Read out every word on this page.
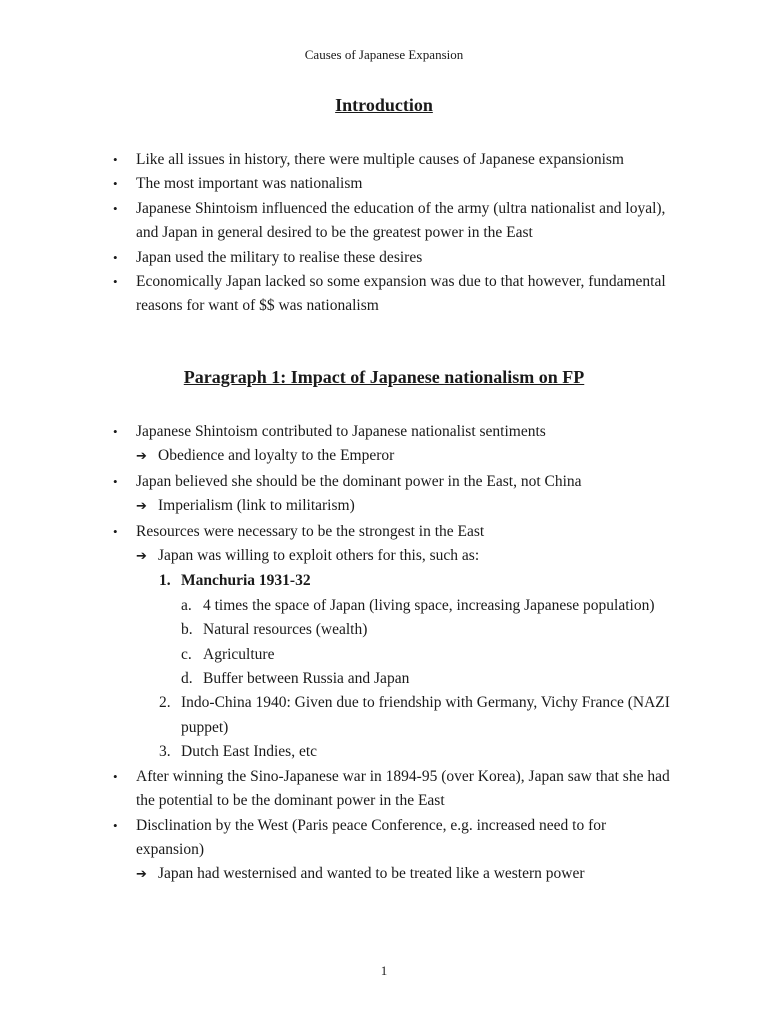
Causes of Japanese Expansion
Introduction
• Like all issues in history, there were multiple causes of Japanese expansionism
• The most important was nationalism
• Japanese Shintoism influenced the education of the army (ultra nationalist and loyal), and Japan in general desired to be the greatest power in the East
• Japan used the military to realise these desires
• Economically Japan lacked so some expansion was due to that however, fundamental reasons for want of $$ was nationalism
Paragraph 1: Impact of Japanese nationalism on FP
• Japanese Shintoism contributed to Japanese nationalist sentiments
➔ Obedience and loyalty to the Emperor
• Japan believed she should be the dominant power in the East, not China
➔ Imperialism (link to militarism)
• Resources were necessary to be the strongest in the East
➔ Japan was willing to exploit others for this, such as:
1. Manchuria 1931-32
a. 4 times the space of Japan (living space, increasing Japanese population)
b. Natural resources (wealth)
c. Agriculture
d. Buffer between Russia and Japan
2. Indo-China 1940: Given due to friendship with Germany, Vichy France (NAZI puppet)
3. Dutch East Indies, etc
• After winning the Sino-Japanese war in 1894-95 (over Korea), Japan saw that she had the potential to be the dominant power in the East
• Disclination by the West (Paris peace Conference, e.g. increased need to for expansion)
➔ Japan had westernised and wanted to be treated like a western power
1
